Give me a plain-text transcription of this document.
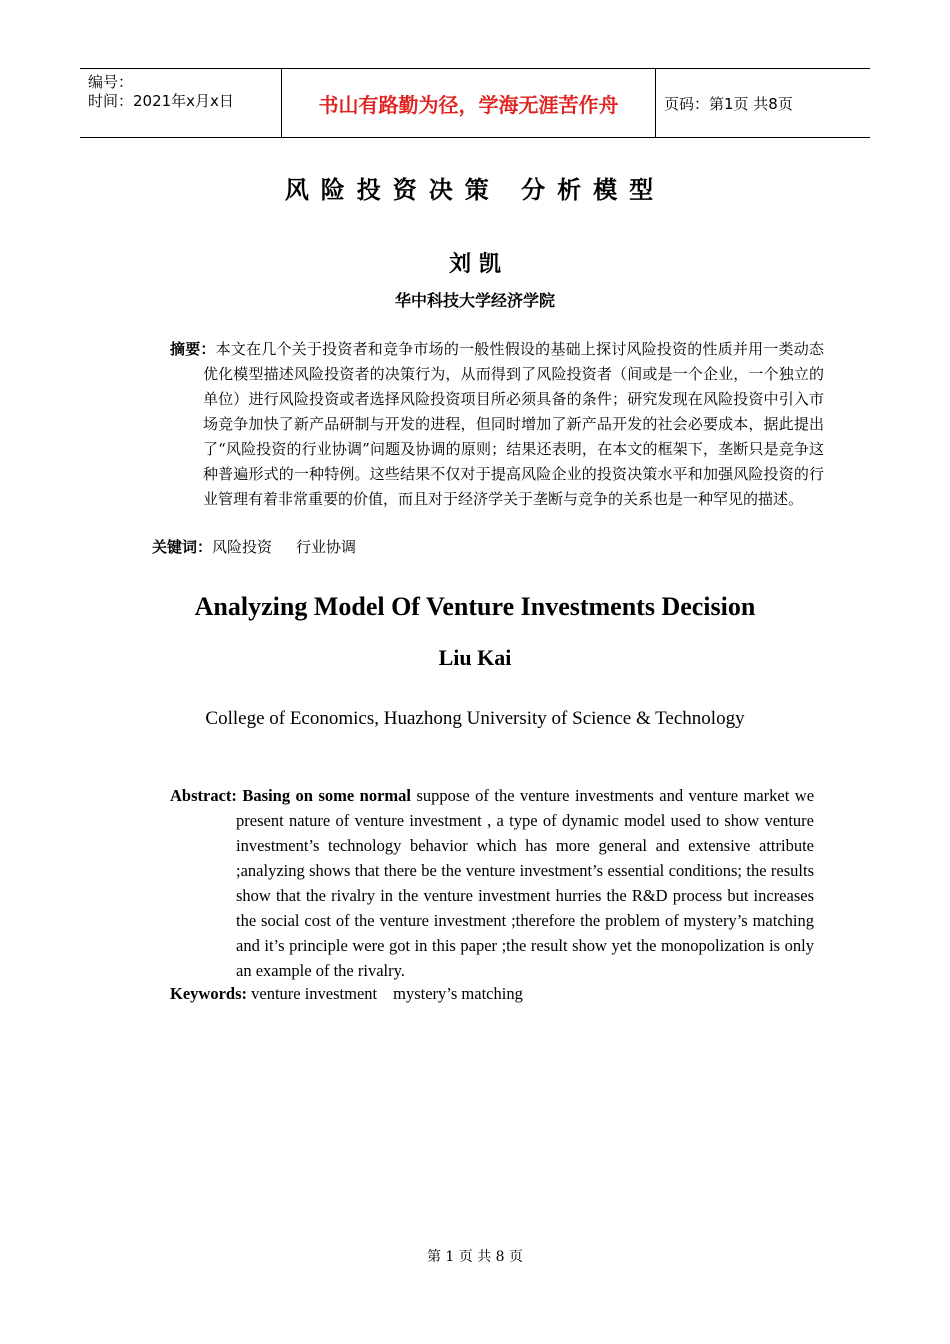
编号：
时间：2021年x月x日	书山有路勤为径，学海无涯苦作舟	页码：第1页 共8页
风险投资决策 分析模型
刘 凯
华中科技大学经济学院
摘要：本文在几个关于投资者和竞争市场的一般性假设的基础上探讨风险投资的性质并用一类动态优化模型描述风险投资者的决策行为，从而得到了风险投资者（间或是一个企业，一个独立的单位）进行风险投资或者选择风险投资项目所必须具备的条件；研究发现在风险投资中引入市场竞争加快了新产品研制与开发的进程，但同时增加了新产品开发的社会必要成本，据此提出了“风险投资的行业协调”问题及协调的原则；结果还表明，在本文的框架下，垄断只是竞争这种普遍形式的一种特例。这些结果不仅对于提高风险企业的投资决策水平和加强风险投资的行业管理有着非常重要的价值，而且对于经济学关于垄断与竞争的关系也是一种罕见的描述。
关键词：风险投资 行业协调
Analyzing Model Of Venture Investments Decision
Liu Kai
College of Economics, Huazhong University of Science & Technology
Abstract: Basing on some normal suppose of the venture investments and venture market we present nature of venture investment , a type of dynamic model used to show venture investment’s technology behavior which has more general and extensive attribute ;analyzing shows that there be the venture investment’s essential conditions; the results show that the rivalry in the venture investment hurries the R&D process but increases the social cost of the venture investment ;therefore the problem of mystery’s matching and it’s principle were got in this paper ;the result show yet the monopolization is only an example of the rivalry.
Keywords: venture investment mystery’s matching
第 1 页 共 8 页
